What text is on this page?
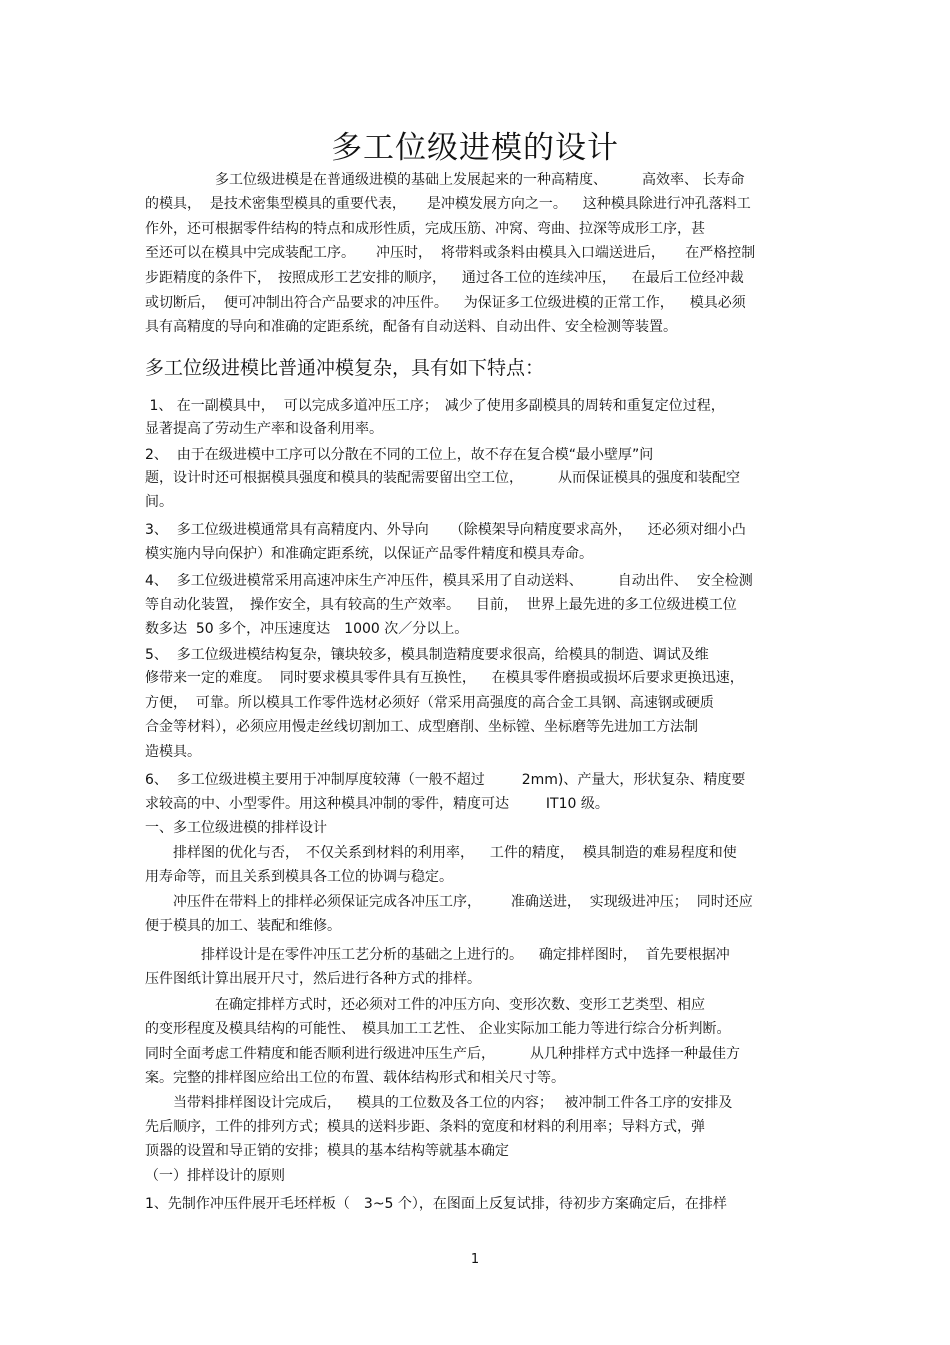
多工位级进模的设计
　　　　　多工位级进模是在普通级进模的基础上发展起来的一种高精度、　　　高效率、 长寿命
的模具，  是技术密集型模具的重要代表，　　是冲模发展方向之一。　  这种模具除进行冲孔落料工
作外，还可根据零件结构的特点和成形性质，完成压筋、冲窝、弯曲、拉深等成形工序，甚
至还可以在模具中完成装配工序。　　冲压时，  将带料或条料由模具入口端送进后，　   在严格控制
步距精度的条件下，　按照成形工艺安排的顺序，　  通过各工位的连续冲压，　  在最后工位经冲裁
或切断后，  便可冲制出符合产品要求的冲压件。　  为保证多工位级进模的正常工作，　  模具必须
具有高精度的导向和准确的定距系统，配备有自动送料、自动出件、安全检测等装置。
多工位级进模比普通冲模复杂，具有如下特点：
1、 在一副模具中，  可以完成多道冲压工序；　减少了使用多副模具的周转和重复定位过程，
显著提高了劳动生产率和设备利用率。
2、  由于在级进模中工序可以分散在不同的工位上，故不存在复合模“最小壁厚”问
题，设计时还可根据模具强度和模具的装配需要留出空工位，　　　从而保证模具的强度和装配空
间。
3、  多工位级进模通常具有高精度内、外导向　　（除模架导向精度要求高外，　  还必须对细小凸
模实施内导向保护）和准确定距系统，以保证产品零件精度和模具寿命。
4、  多工位级进模常采用高速冲床生产冲压件，模具采用了自动送料、　　　自动出件、  安全检测
等自动化装置，　操作安全，具有较高的生产效率。　  目前，  世界上最先进的多工位级进模工位
数多达  50 多个，冲压速度达　1000 次／分以上。
5、  多工位级进模结构复杂，镶块较多，模具制造精度要求很高，给模具的制造、调试及维
修带来一定的难度。  同时要求模具零件具有互换性，　  在模具零件磨损或损坏后要求更换迅速，
方便，  可靠。所以模具工作零件选材必须好（常采用高强度的高合金工具钢、高速钢或硬质
合金等材料），必须应用慢走丝线切割加工、成型磨削、坐标镗、坐标磨等先进加工方法制
造模具。
6、  多工位级进模主要用于冲制厚度较薄（一般不超过　　  2mm)、产量大，形状复杂、精度要
求较高的中、小型零件。用这种模具冲制的零件，精度可达　　  IT10 级。
一、多工位级进模的排样设计
　　排样图的优化与否，　不仅关系到材料的利用率，　  工件的精度，  模具制造的难易程度和使
用寿命等，而且关系到模具各工位的协调与稳定。
　　冲压件在带料上的排样必须保证完成各冲压工序，　　  准确送进，  实现级进冲压；  同时还应
便于模具的加工、装配和维修。
　　　　排样设计是在零件冲压工艺分析的基础之上进行的。　  确定排样图时，  首先要根据冲
压件图纸计算出展开尺寸，然后进行各种方式的排样。
　　　　　在确定排样方式时，还必须对工件的冲压方向、变形次数、变形工艺类型、相应
的变形程度及模具结构的可能性、　模具加工工艺性、 企业实际加工能力等进行综合分析判断。
同时全面考虑工件精度和能否顺利进行级进冲压生产后，　　　从几种排样方式中选择一种最佳方
案。完整的排样图应给出工位的布置、载体结构形式和相关尺寸等。
　　当带料排样图设计完成后，　  模具的工位数及各工位的内容；　 被冲制工件各工序的安排及
先后顺序，工件的排列方式；模具的送料步距、条料的宽度和材料的利用率；导料方式，弹
顶器的设置和导正销的安排；模具的基本结构等就基本确定
（一）排样设计的原则
1、先制作冲压件展开毛坯样板（　3~5 个），在图面上反复试排，待初步方案确定后，在排样
1
